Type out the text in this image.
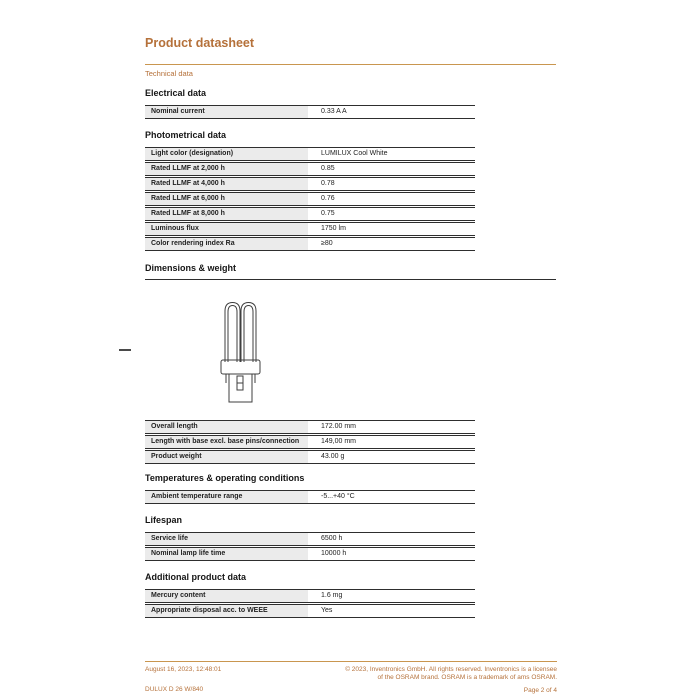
Product datasheet
Technical data
Electrical data
Nominal current	0.33 A A
Photometrical data
Light color (designation)	LUMILUX Cool White
Rated LLMF at 2,000 h	0.85
Rated LLMF at 4,000 h	0.78
Rated LLMF at 6,000 h	0.76
Rated LLMF at 8,000 h	0.75
Luminous flux	1750 lm
Color rendering index Ra	≥80
Dimensions & weight
Overall length	172.00 mm
Length with base excl. base pins/connection	149,00 mm
Product weight	43.00 g
Temperatures & operating conditions
Ambient temperature range	-5...+40 °C
Lifespan
Service life	6500 h
Nominal lamp life time	10000 h
Additional product data
Mercury content	1.6 mg
Appropriate disposal acc. to WEEE	Yes
August 16, 2023, 12:48:01
DULUX D 26 W/840
© 2023, Inventronics GmbH. All rights reserved. Inventronics is a licensee of the OSRAM brand. OSRAM is a trademark of ams OSRAM.
Page 2 of 4
